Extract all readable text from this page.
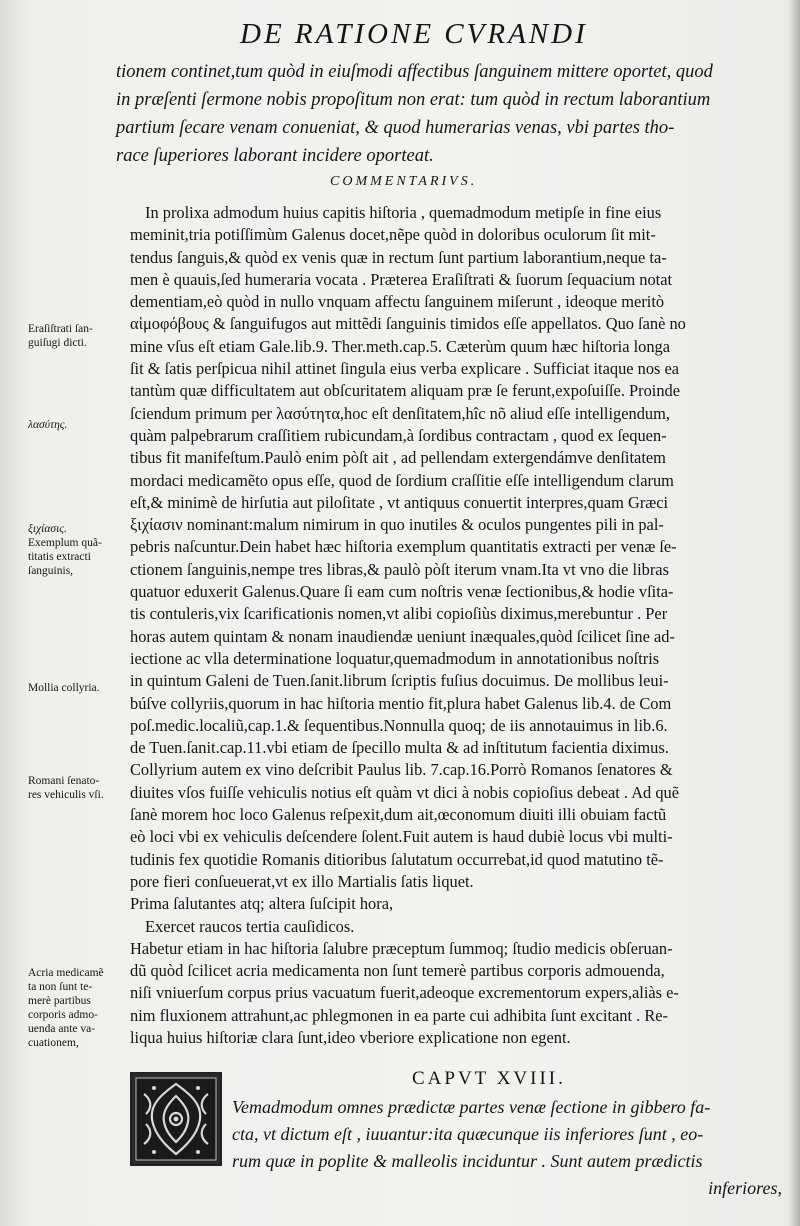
DE RATIONE CVRANDI
tionem continet,tum quòd in eiuſmodi affectibus ſanguinem mittere oportet, quod
in præſenti ſermone nobis propoſitum non erat: tum quòd in rectum laborantium
partium ſecare venam conueniat, & quod humerarias venas, vbi partes tho-
race ſuperiores laborant incidere oporteat.
COMMENTARIVS.
In prolixa admodum huius capitis hiſtoria , quemadmodum metipſe in fine eius
meminit,tria potiſſimùm Galenus docet,nẽpe quòd in doloribus oculorum ſit mit-
tendus ſanguis,& quòd ex venis quæ in rectum ſunt partium laborantium,neque ta-
men è quauis,ſed humeraria vocata . Præterea Eraſiſtrati & ſuorum ſequacium notat
dementiam,eò quòd in nullo vnquam affectu ſanguinem miſerunt , ideoque meritò
αἱμοφόβους & ſanguifugos aut mittẽdi ſanguinis timidos eſſe appellatos. Quo ſanè no
mine vſus eſt etiam Gale.lib.9. Ther.meth.cap.5. Cæterùm quum hæc hiſtoria longa
ſit & ſatis perſpicua nihil attinet ſingula eius verba explicare . Sufficiat itaque nos ea
tantùm quæ difficultatem aut obſcuritatem aliquam præ ſe ferunt,expoſuiſſe. Proinde
ſciendum primum per λασύτητα,hoc eſt denſitatem,hîc nõ aliud eſſe intelligendum,
quàm palpebrarum craſſitiem rubicundam,à ſordibus contractam , quod ex ſequen-
tibus fit manifeſtum.Paulò enim pòſt ait , ad pellendam extergendámve denſitatem
mordaci medicamẽto opus eſſe, quod de ſordium craſſitie eſſe intelligendum clarum
eſt,& minimè de hirſutia aut piloſitate , vt antiquus conuertit interpres,quam Græci
ξιχίασιν nominant:malum nimirum in quo inutiles & oculos pungentes pili in pal-
pebris naſcuntur.Dein habet hæc hiſtoria exemplum quantitatis extracti per venæ ſe-
ctionem ſanguinis,nempe tres libras,& paulò pòſt iterum vnam.Ita vt vno die libras
quatuor eduxerit Galenus.Quare ſi eam cum noſtris venæ ſectionibus,& hodie vſita-
tis contuleris,vix ſcarificationis nomen,vt alibi copioſiùs diximus,merebuntur . Per
horas autem quintam & nonam inaudiendæ ueniunt inæquales,quòd ſcilicet ſine ad-
iectione ac vlla determinatione loquatur,quemadmodum in annotationibus noſtris
in quintum Galeni de Tuen.ſanit.librum ſcriptis fuſius docuimus. De mollibus leui-
búſve collyriis,quorum in hac hiſtoria mentio fit,plura habet Galenus lib.4. de Com
poſ.medic.localiũ,cap.1.& ſequentibus.Nonnulla quoq; de iis annotauimus in lib.6.
de Tuen.ſanit.cap.11.vbi etiam de ſpecillo multa & ad inſtitutum facientia diximus.
Collyrium autem ex vino deſcribit Paulus lib. 7.cap.16.Porrò Romanos ſenatores &
diuites vſos fuiſſe vehiculis notius eſt quàm vt dici à nobis copioſius debeat . Ad quẽ
ſanè morem hoc loco Galenus reſpexit,dum ait,œconomum diuiti illi obuiam factũ
eò loci vbi ex vehiculis deſcendere ſolent.Fuit autem is haud dubiè locus vbi multi-
tudinis fex quotidie Romanis ditioribus ſalutatum occurrebat,id quod matutino tẽ-
pore fieri conſueuerat,vt ex illo Martialis ſatis liquet.
Prima ſalutantes atq; altera ſuſcipit hora,
Exercet raucos tertia cauſidicos.
Habetur etiam in hac hiſtoria ſalubre præceptum ſummoq; ſtudio medicis obſeruan-
dũ quòd ſcilicet acria medicamenta non ſunt temerè partibus corporis admouenda,
niſi vniuerſum corpus prius vacuatum fuerit,adeoque excrementorum expers,aliàs e-
nim fluxionem attrahunt,ac phlegmonen in ea parte cui adhibita ſunt excitant . Re-
liqua huius hiſtoriæ clara ſunt,ideo vberiore explicatione non egent.
Eraſiſtrati ſan-
guiſugi dicti.
λασύτης.
ξιχίασις.
Exemplum quã-
titatis extracti
ſanguinis,
Mollia collyria.
Romani ſenato-
res vehiculis vſi.
Acria medicamẽ
ta non ſunt te-
merè partibus
corporis admo-
uenda ante va-
cuationem,
CAPVT XVIII.
Vemadmodum omnes prædictæ partes venæ ſectione in gibbero fa-
cta, vt dictum eſt , iuuantur:ita quæcunque iis inferiores ſunt , eo-
rum quæ in poplite & malleolis inciduntur . Sunt autem prædictis
inferiores,
